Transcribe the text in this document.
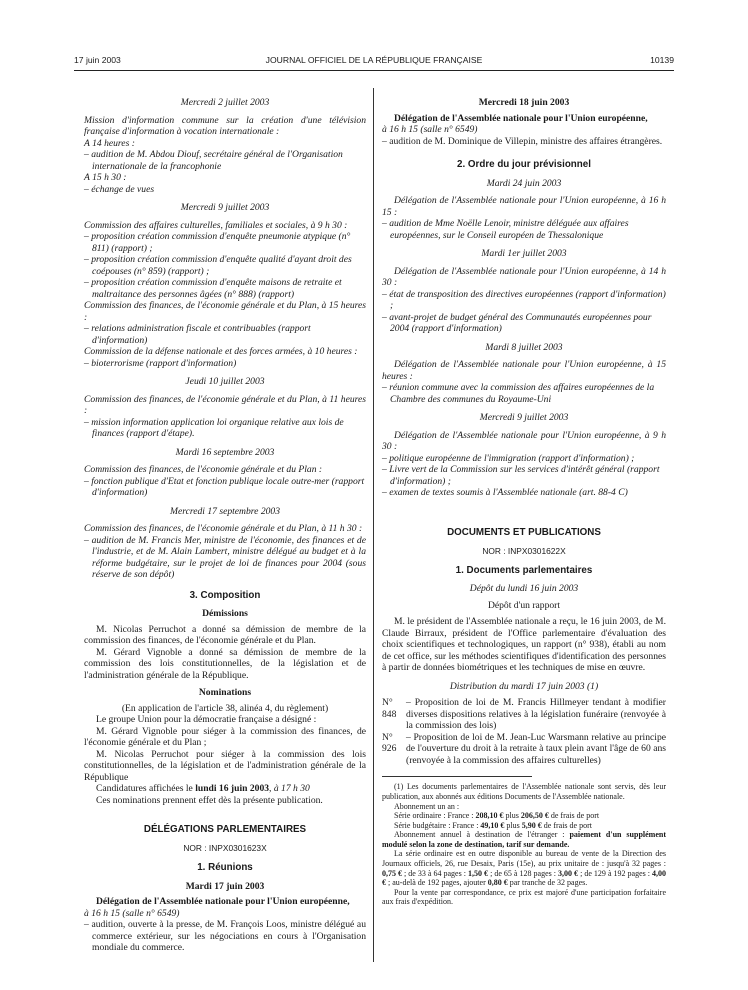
17 juin 2003	JOURNAL OFFICIEL DE LA RÉPUBLIQUE FRANÇAISE	10139

Mercredi 2 juillet 2003

Mission d'information commune sur la création d'une télévision française d'information à vocation internationale :

A 14 heures :

– audition de M. Abdou Diouf, secrétaire général de l'Organisation internationale de la francophonie

A 15 h 30 :

– échange de vues

Mercredi 9 juillet 2003

Commission des affaires culturelles, familiales et sociales, à 9 h 30 :

– proposition création commission d'enquête pneumonie atypique (n° 811) (rapport) ;

– proposition création commission d'enquête qualité d'ayant droit des coépouses (n° 859) (rapport) ;

– proposition création commission d'enquête maisons de retraite et maltraitance des personnes âgées (n° 888) (rapport)

Commission des finances, de l'économie générale et du Plan, à 15 heures :

– relations administration fiscale et contribuables (rapport d'information)

Commission de la défense nationale et des forces armées, à 10 heures :

– bioterrorisme (rapport d'information)

Jeudi 10 juillet 2003

Commission des finances, de l'économie générale et du Plan, à 11 heures :

– mission information application loi organique relative aux lois de finances (rapport d'étape).

Mardi 16 septembre 2003

Commission des finances, de l'économie générale et du Plan :

– fonction publique d'Etat et fonction publique locale outre-mer (rapport d'information)

Mercredi 17 septembre 2003

Commission des finances, de l'économie générale et du Plan, à 11 h 30 :

– audition de M. Francis Mer, ministre de l'économie, des finances et de l'industrie, et de M. Alain Lambert, ministre délégué au budget et à la réforme budgétaire, sur le projet de loi de finances pour 2004 (sous réserve de son dépôt)

3. Composition

Démissions

M. Nicolas Perruchot a donné sa démission de membre de la commission des finances, de l'économie générale et du Plan.

M. Gérard Vignoble a donné sa démission de membre de la commission des lois constitutionnelles, de la législation et de l'administration générale de la République.

Nominations

(En application de l'article 38, alinéa 4, du règlement)

Le groupe Union pour la démocratie française a désigné :

M. Gérard Vignoble pour siéger à la commission des finances, de l'économie générale et du Plan ;

M. Nicolas Perruchot pour siéger à la commission des lois constitutionnelles, de la législation et de l'administration générale de la République

Candidatures affichées le lundi 16 juin 2003, à 17 h 30

Ces nominations prennent effet dès la présente publication.

DÉLÉGATIONS PARLEMENTAIRES

NOR : INPX0301623X

1. Réunions

Mardi 17 juin 2003

Délégation de l'Assemblée nationale pour l'Union européenne,

à 16 h 15 (salle n° 6549)

– audition, ouverte à la presse, de M. François Loos, ministre délégué au commerce extérieur, sur les négociations en cours à l'Organisation mondiale du commerce.

Mercredi 18 juin 2003

Délégation de l'Assemblée nationale pour l'Union européenne,

à 16 h 15 (salle n° 6549)

– audition de M. Dominique de Villepin, ministre des affaires étrangères.

2. Ordre du jour prévisionnel

Mardi 24 juin 2003

Délégation de l'Assemblée nationale pour l'Union européenne, à 16 h 15 :

– audition de Mme Noëlle Lenoir, ministre déléguée aux affaires européennes, sur le Conseil européen de Thessalonique

Mardi 1er juillet 2003

Délégation de l'Assemblée nationale pour l'Union européenne, à 14 h 30 :

– état de transposition des directives européennes (rapport d'information) ;

– avant-projet de budget général des Communautés européennes pour 2004 (rapport d'information)

Mardi 8 juillet 2003

Délégation de l'Assemblée nationale pour l'Union européenne, à 15 heures :

– réunion commune avec la commission des affaires européennes de la Chambre des communes du Royaume-Uni

Mercredi 9 juillet 2003

Délégation de l'Assemblée nationale pour l'Union européenne, à 9 h 30 :

– politique européenne de l'immigration (rapport d'information) ;

– Livre vert de la Commission sur les services d'intérêt général (rapport d'information) ;

– examen de textes soumis à l'Assemblée nationale (art. 88-4 C)

DOCUMENTS ET PUBLICATIONS

NOR : INPX0301622X

1. Documents parlementaires

Dépôt du lundi 16 juin 2003

Dépôt d'un rapport

M. le président de l'Assemblée nationale a reçu, le 16 juin 2003, de M. Claude Birraux, président de l'Office parlementaire d'évaluation des choix scientifiques et technologiques, un rapport (n° 938), établi au nom de cet office, sur les méthodes scientifiques d'identification des personnes à partir de données biométriques et les techniques de mise en œuvre.

Distribution du mardi 17 juin 2003 (1)

N° 848
– Proposition de loi de M. Francis Hillmeyer tendant à modifier diverses dispositions relatives à la législation funéraire (renvoyée à la commission des lois)
N° 926
– Proposition de loi de M. Jean-Luc Warsmann relative au principe de l'ouverture du droit à la retraite à taux plein avant l'âge de 60 ans (renvoyée à la commission des affaires culturelles)

(1) Les documents parlementaires de l'Assemblée nationale sont servis, dès leur publication, aux abonnés aux éditions Documents de l'Assemblée nationale.

Abonnement un an :

Série ordinaire : France : 208,10 € plus 206,50 € de frais de port

Série budgétaire : France : 49,10 € plus 5,90 € de frais de port

Abonnement annuel à destination de l'étranger : paiement d'un supplément modulé selon la zone de destination, tarif sur demande.

La série ordinaire est en outre disponible au bureau de vente de la Direction des Journaux officiels, 26, rue Desaix, Paris (15e), au prix unitaire de : jusqu'à 32 pages : 0,75 € ; de 33 à 64 pages : 1,50 € ; de 65 à 128 pages : 3,00 € ; de 129 à 192 pages : 4,00 € ; au-delà de 192 pages, ajouter 0,80 € par tranche de 32 pages.

Pour la vente par correspondance, ce prix est majoré d'une participation forfaitaire aux frais d'expédition.
